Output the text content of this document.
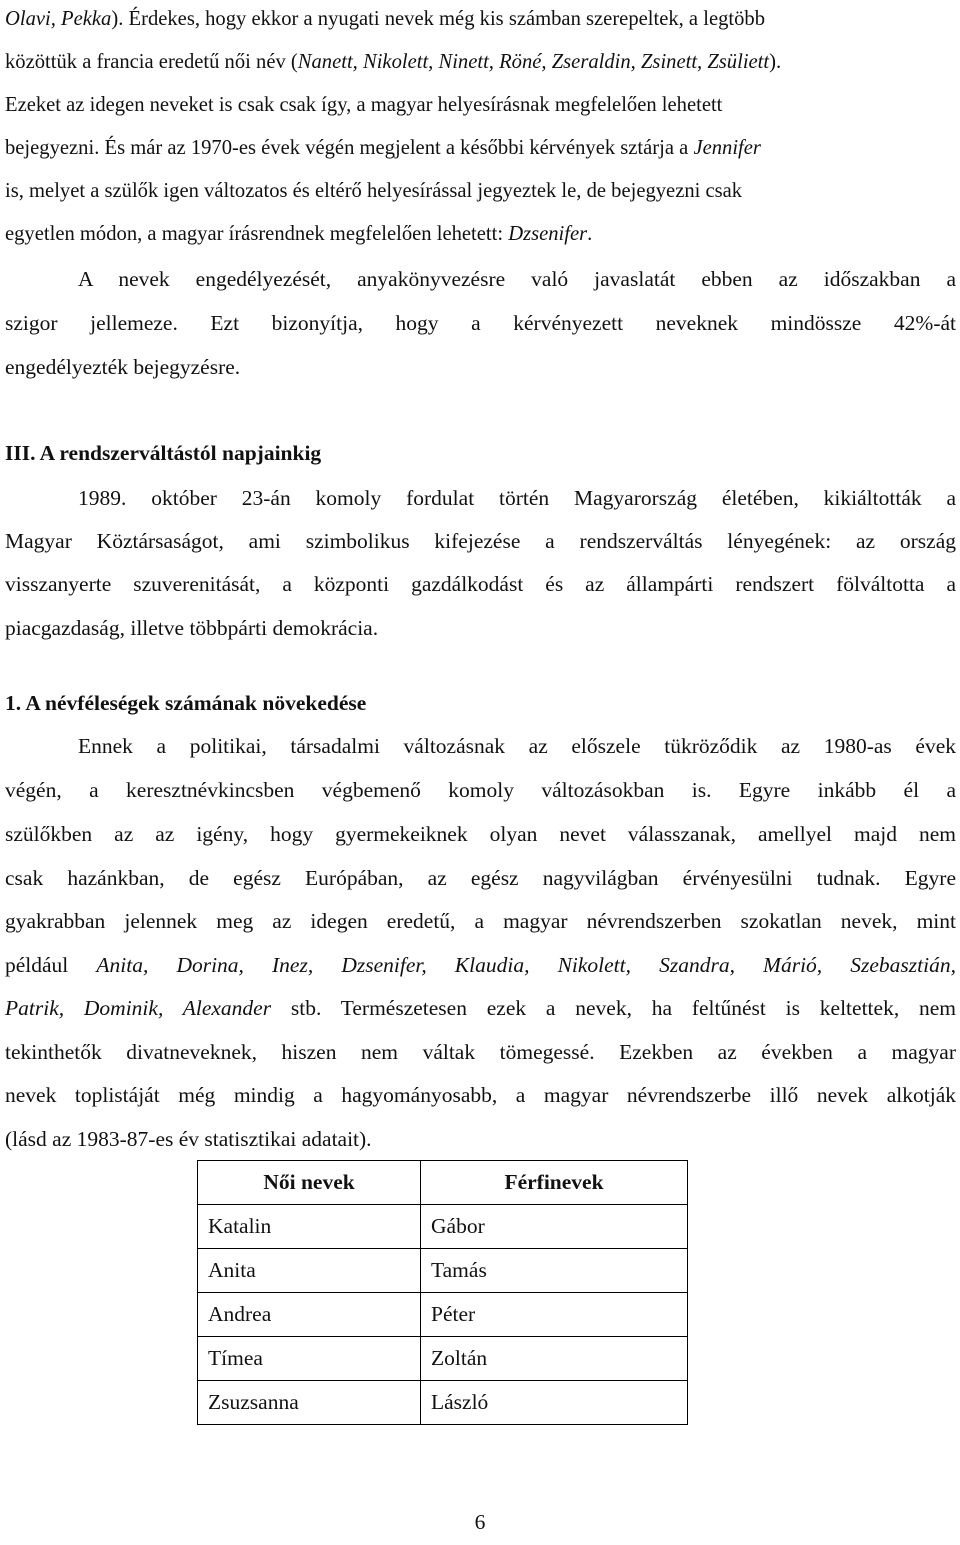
Olavi, Pekka). Érdekes, hogy ekkor a nyugati nevek még kis számban szerepeltek, a legtöbb
közöttük a francia eredetű női név (Nanett, Nikolett, Ninett, Röné, Zseraldin, Zsinett, Zsüliett).
Ezeket az idegen neveket is csak csak így, a magyar helyesírásnak megfelelően lehetett
bejegyezni. És már az 1970-es évek végén megjelent a későbbi kérvények sztárja a Jennifer
is, melyet a szülők igen változatos és eltérő helyesírással jegyeztek le, de bejegyezni csak
egyetlen módon, a magyar írásrendnek megfelelően lehetett: Dzsenifer.
A nevek engedélyezését, anyakönyvezésre való javaslatát ebben az időszakban a
szigor jellemeze. Ezt bizonyítja, hogy a kérvényezett neveknek mindössze 42%-át
engedélyezték bejegyzésre.
III. A rendszerváltástól napjainkig
1989. október 23-án komoly fordulat történ Magyarország életében, kikiáltották a
Magyar Köztársaságot, ami szimbolikus kifejezése a rendszerváltás lényegének: az ország
visszanyerte szuverenitását, a központi gazdálkodást és az állampárti rendszert fölváltotta a
piacgazdaság, illetve többpárti demokrácia.
1. A névféleségek számának növekedése
Ennek a politikai, társadalmi változásnak az előszele tükröződik az 1980-as évek
végén, a keresztnévkincsben végbemenő komoly változásokban is. Egyre inkább él a
szülőkben az az igény, hogy gyermekeiknek olyan nevet válasszanak, amellyel majd nem
csak hazánkban, de egész Európában, az egész nagyvilágban érvényesülni tudnak. Egyre
gyakrabban jelennek meg az idegen eredetű, a magyar névrendszerben szokatlan nevek, mint
például Anita, Dorina, Inez, Dzsenifer, Klaudia, Nikolett, Szandra, Márió, Szebasztián,
Patrik, Dominik, Alexander stb. Természetesen ezek a nevek, ha feltűnést is keltettek, nem
tekinthetők divatneveknek, hiszen nem váltak tömegessé. Ezekben az években a magyar
nevek toplistáját még mindig a hagyományosabb, a magyar névrendszerbe illő nevek alkotják
(lásd az 1983-87-es év statisztikai adatait).
Női nevek	Férfinevek
Katalin	Gábor
Anita	Tamás
Andrea	Péter
Tímea	Zoltán
Zsuzsanna	László
6
